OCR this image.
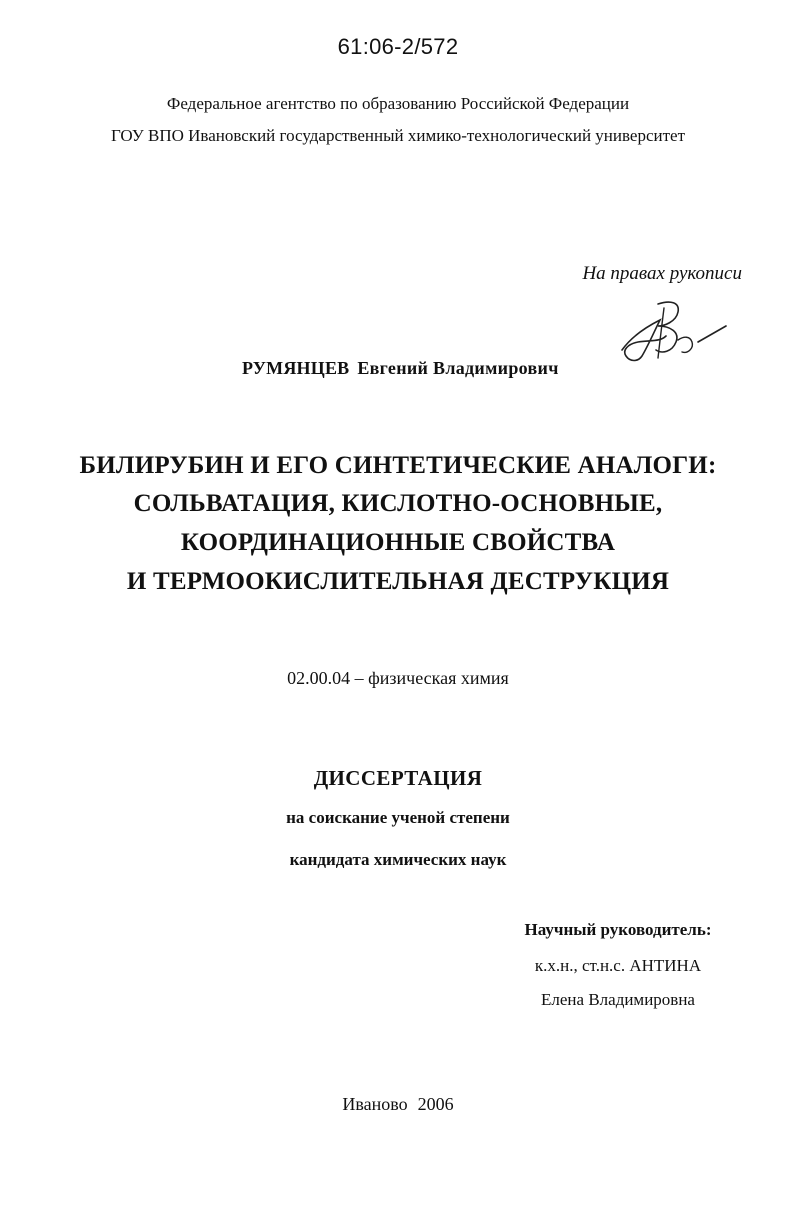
61:06-2/572
Федеральное агентство по образованию Российской Федерации
ГОУ ВПО Ивановский государственный химико-технологический университет
На правах рукописи
РУМЯНЦЕВ Евгений Владимирович
БИЛИРУБИН И ЕГО СИНТЕТИЧЕСКИЕ АНАЛОГИ:
СОЛЬВАТАЦИЯ, КИСЛОТНО-ОСНОВНЫЕ,
КООРДИНАЦИОННЫЕ СВОЙСТВА
И ТЕРМООКИСЛИТЕЛЬНАЯ ДЕСТРУКЦИЯ
02.00.04 – физическая химия
ДИССЕРТАЦИЯ
на соискание ученой степени
кандидата химических наук
Научный руководитель:
к.х.н., ст.н.с. АНТИНА
Елена Владимировна
Иваново 2006
